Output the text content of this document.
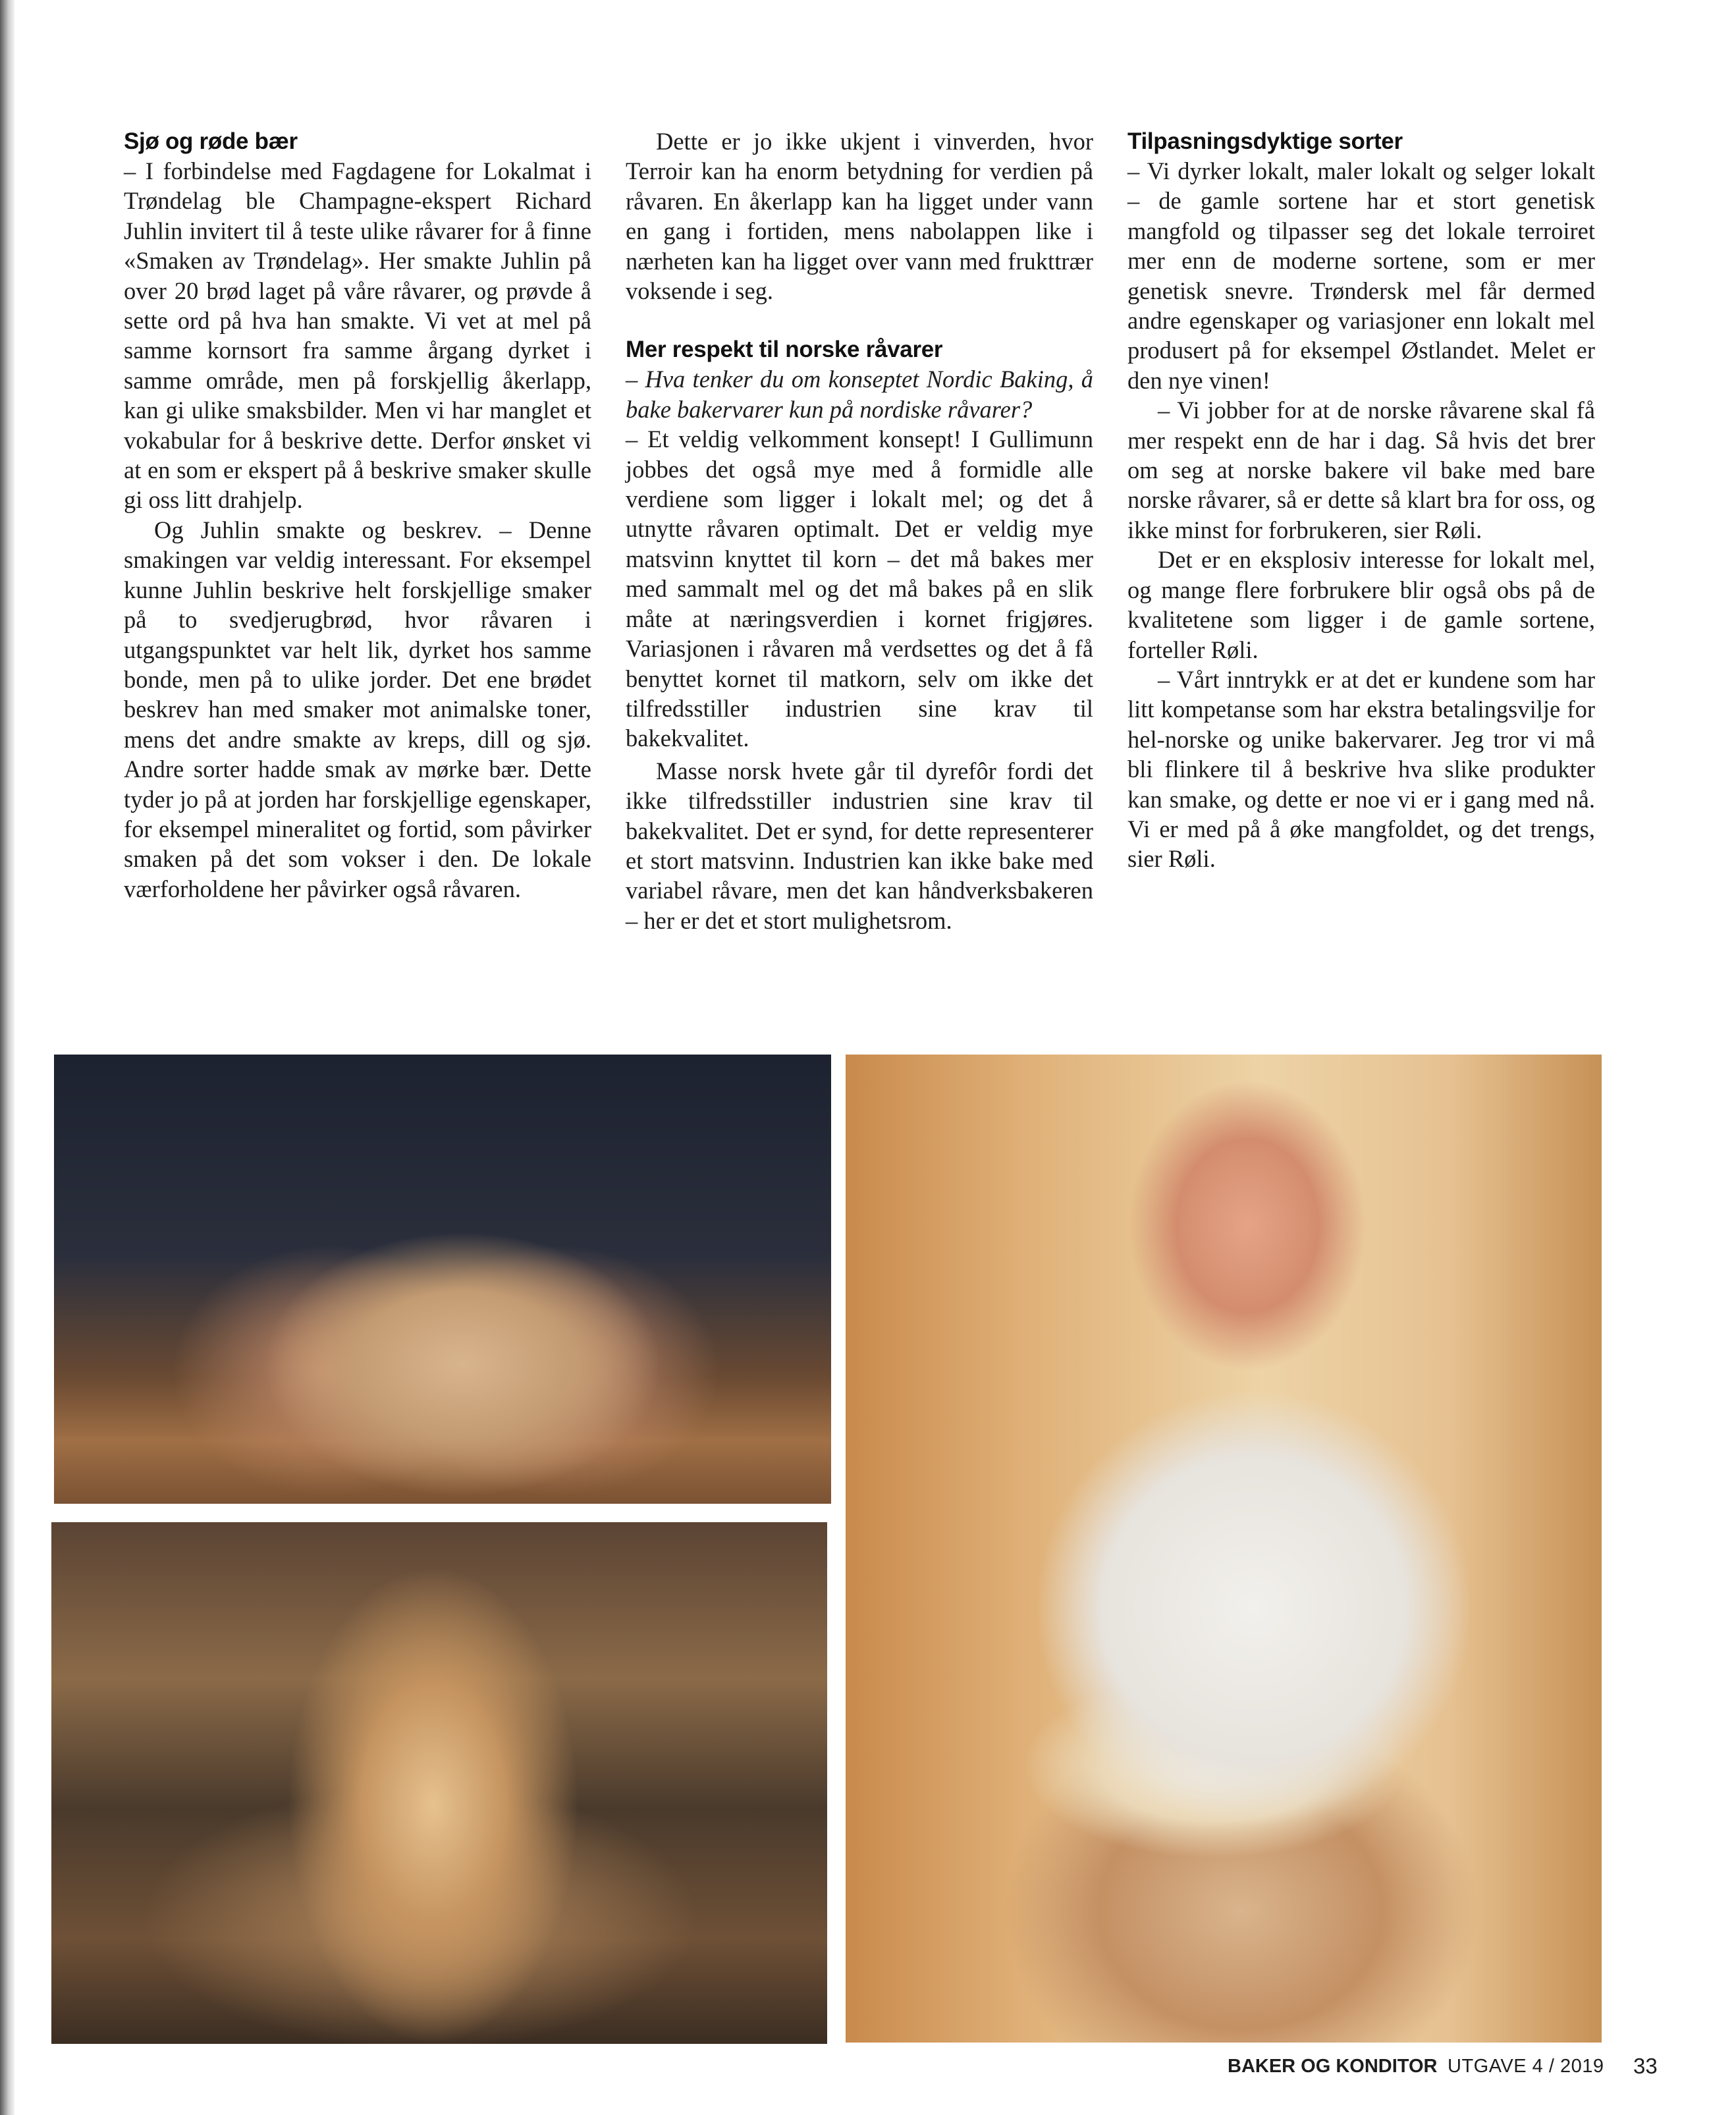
Sjø og røde bær

– I forbindelse med Fagdagene for Lokalmat i Trøndelag ble Champagne-ekspert Richard Juhlin invitert til å teste ulike råvarer for å finne «Smaken av Trøndelag». Her smakte Juhlin på over 20 brød laget på våre råvarer, og prøvde å sette ord på hva han smakte. Vi vet at mel på samme kornsort fra samme årgang dyrket i samme område, men på forskjellig åkerlapp, kan gi ulike smaksbilder. Men vi har manglet et vokabular for å beskrive dette. Derfor ønsket vi at en som er ekspert på å beskrive smaker skulle gi oss litt drahjelp.

Og Juhlin smakte og beskrev. – Denne smakingen var veldig interessant. For eksempel kunne Juhlin beskrive helt forskjellige smaker på to svedjerugbrød, hvor råvaren i utgangspunktet var helt lik, dyrket hos samme bonde, men på to ulike jorder. Det ene brødet beskrev han med smaker mot animalske toner, mens det andre smakte av kreps, dill og sjø. Andre sorter hadde smak av mørke bær. Dette tyder jo på at jorden har forskjellige egenskaper, for eksempel mineralitet og fortid, som påvirker smaken på det som vokser i den. De lokale værforholdene her påvirker også råvaren.

Dette er jo ikke ukjent i vinverden, hvor Terroir kan ha enorm betydning for verdien på råvaren. En åkerlapp kan ha ligget under vann en gang i fortiden, mens nabolappen like i nærheten kan ha ligget over vann med frukttrær voksende i seg.

Mer respekt til norske råvarer

– Hva tenker du om konseptet Nordic Baking, å bake bakervarer kun på nordiske råvarer?

– Et veldig velkomment konsept! I Gullimunn jobbes det også mye med å formidle alle verdiene som ligger i lokalt mel; og det å utnytte råvaren optimalt. Det er veldig mye matsvinn knyttet til korn – det må bakes mer med sammalt mel og det må bakes på en slik måte at næringsverdien i kornet frigjøres. Variasjonen i råvaren må verdsettes og det å få benyttet kornet til matkorn, selv om ikke det tilfredsstiller industrien sine krav til bakekvalitet.

Masse norsk hvete går til dyrefôr fordi det ikke tilfredsstiller industrien sine krav til bakekvalitet. Det er synd, for dette representerer et stort matsvinn. Industrien kan ikke bake med variabel råvare, men det kan håndverksbakeren – her er det et stort mulighetsrom.

Tilpasningsdyktige sorter

– Vi dyrker lokalt, maler lokalt og selger lokalt – de gamle sortene har et stort genetisk mangfold og tilpasser seg det lokale terroiret mer enn de moderne sortene, som er mer genetisk snevre. Trøndersk mel får dermed andre egenskaper og variasjoner enn lokalt mel produsert på for eksempel Østlandet. Melet er den nye vinen!

– Vi jobber for at de norske råvarene skal få mer respekt enn de har i dag. Så hvis det brer om seg at norske bakere vil bake med bare norske råvarer, så er dette så klart bra for oss, og ikke minst for forbrukeren, sier Røli.

Det er en eksplosiv interesse for lokalt mel, og mange flere forbrukere blir også obs på de kvalitetene som ligger i de gamle sortene, forteller Røli.

– Vårt inntrykk er at det er kundene som har litt kompetanse som har ekstra betalingsvilje for hel-norske og unike bakervarer. Jeg tror vi må bli flinkere til å beskrive hva slike produkter kan smake, og dette er noe vi er i gang med nå. Vi er med på å øke mangfoldet, og det trengs, sier Røli.

BAKER OG KONDITOR UTGAVE 4 / 2019 33
